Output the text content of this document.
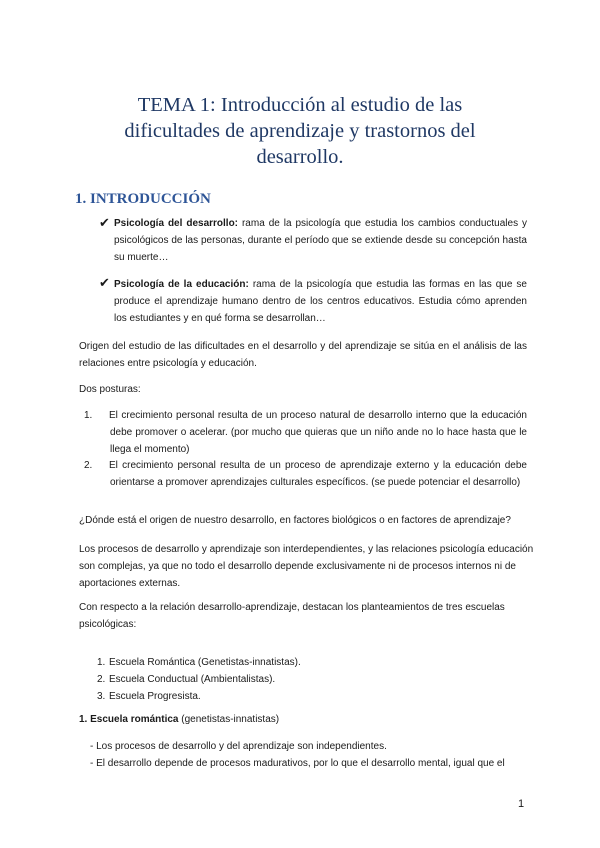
TEMA 1: Introducción al estudio de las
dificultades de aprendizaje y trastornos del
desarrollo.
1. INTRODUCCIÓN
✔ Psicología del desarrollo: rama de la psicología que estudia los cambios conductuales y psicológicos de las personas, durante el período que se extiende desde su concepción hasta su muerte…

✔ Psicología de la educación: rama de la psicología que estudia las formas en las que se produce el aprendizaje humano dentro de los centros educativos. Estudia cómo aprenden los estudiantes y en qué forma se desarrollan…

Origen del estudio de las dificultades en el desarrollo y del aprendizaje se sitúa en el análisis de las relaciones entre psicología y educación.

Dos posturas:

1. El crecimiento personal resulta de un proceso natural de desarrollo interno que la educación debe promover o acelerar. (por mucho que quieras que un niño ande no lo hace hasta que le llega el momento)

2. El crecimiento personal resulta de un proceso de aprendizaje externo y la educación debe orientarse a promover aprendizajes culturales específicos. (se puede potenciar el desarrollo)

¿Dónde está el origen de nuestro desarrollo, en factores biológicos o en factores de aprendizaje?

Los procesos de desarrollo y aprendizaje son interdependientes, y las relaciones psicología educación son complejas, ya que no todo el desarrollo depende exclusivamente ni de procesos internos ni de aportaciones externas.

Con respecto a la relación desarrollo-aprendizaje, destacan los planteamientos de tres escuelas psicológicas:

1. Escuela Romántica (Genetistas-innatistas).

2. Escuela Conductual (Ambientalistas).

3. Escuela Progresista.

1. Escuela romántica (genetistas-innatistas)

- Los procesos de desarrollo y del aprendizaje son independientes.

- El desarrollo depende de procesos madurativos, por lo que el desarrollo mental, igual que el

1
